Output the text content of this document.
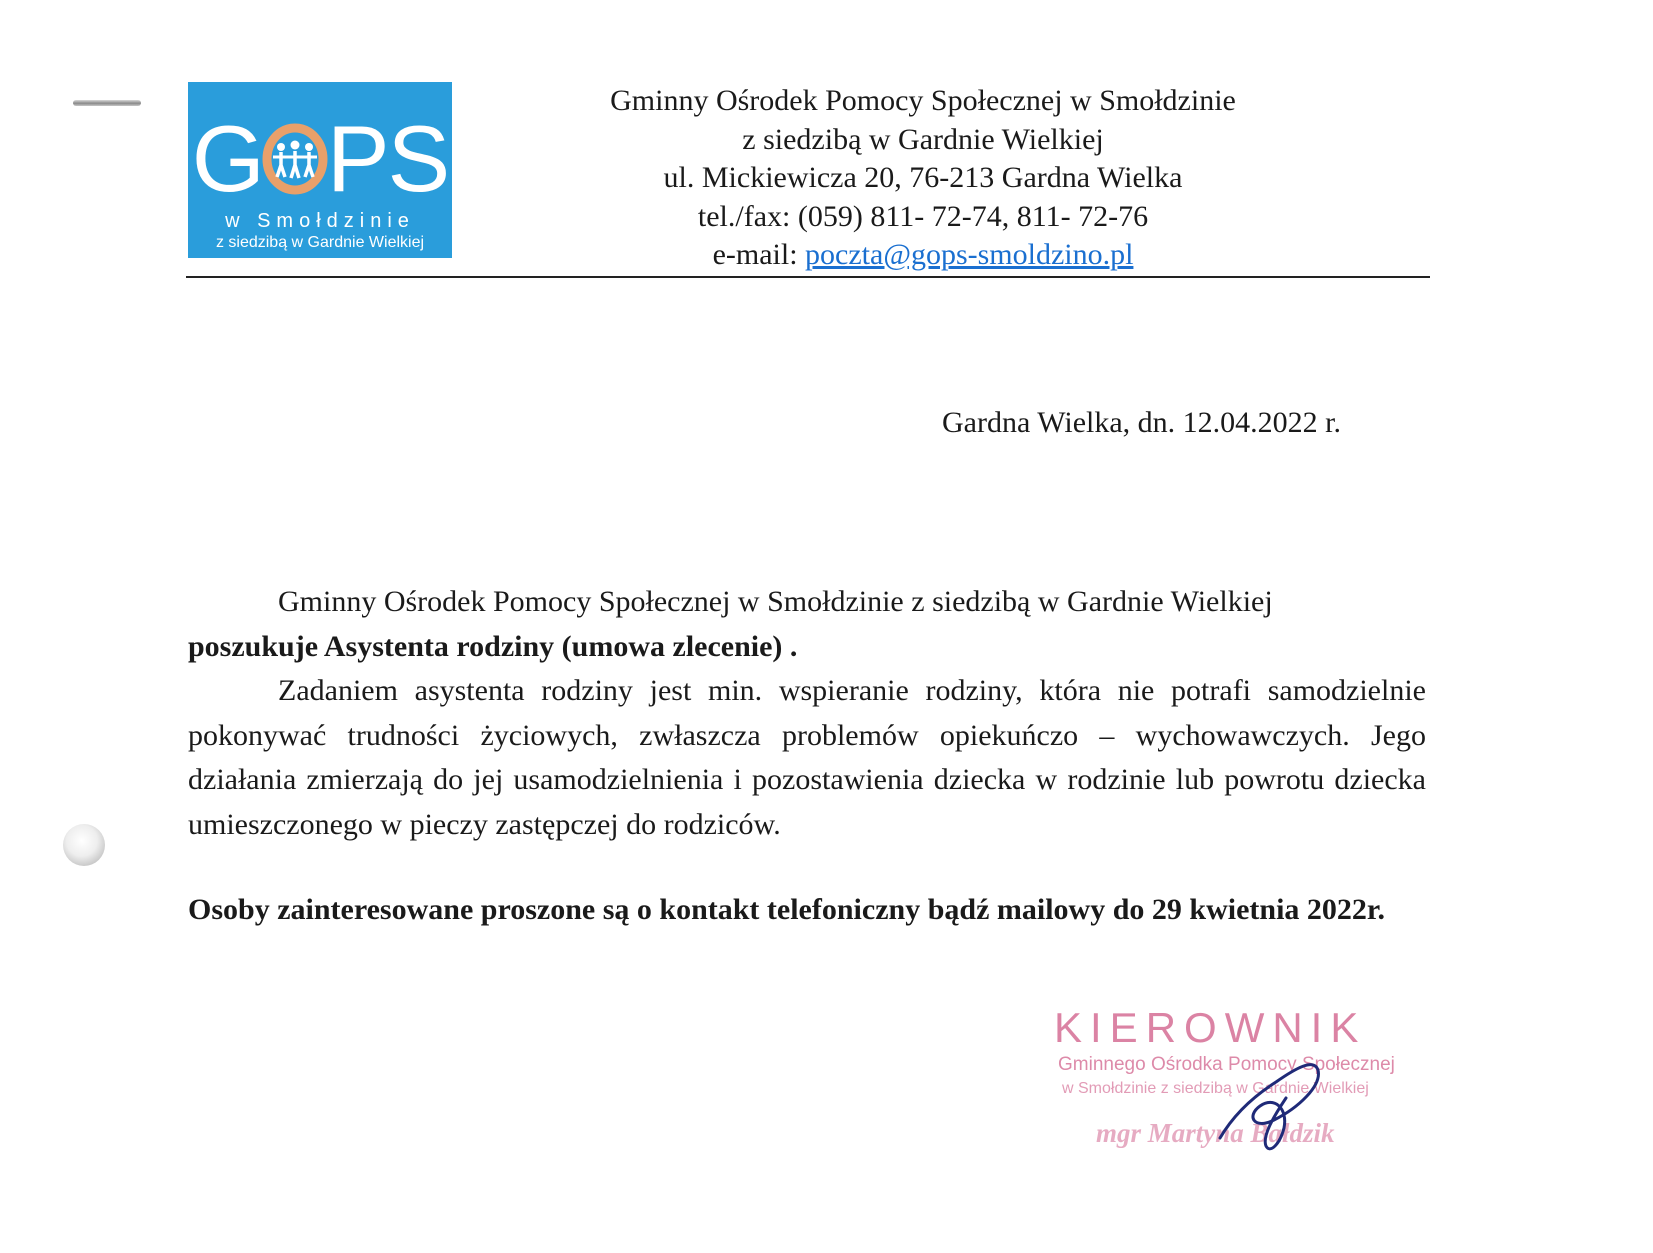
G PS
w Smołdzinie
z siedzibą w Gardnie Wielkiej
Gminny Ośrodek Pomocy Społecznej w Smołdzinie
z siedzibą w Gardnie Wielkiej
ul. Mickiewicza 20, 76-213 Gardna Wielka
tel./fax: (059) 811- 72-74, 811- 72-76
e-mail: poczta@gops-smoldzino.pl
Gardna Wielka, dn. 12.04.2022 r.

Gminny Ośrodek Pomocy Społecznej w Smołdzinie z siedzibą w Gardnie Wielkiej

poszukuje Asystenta rodziny (umowa zlecenie) .

Zadaniem asystenta rodziny jest min. wspieranie rodziny, która nie potrafi samodzielnie pokonywać trudności życiowych, zwłaszcza problemów opiekuńczo – wychowawczych. Jego działania zmierzają do jej usamodzielnienia i pozostawienia dziecka w rodzinie lub powrotu dziecka umieszczonego w pieczy zastępczej do rodziców.

Osoby zainteresowane proszone są o kontakt telefoniczny bądź mailowy do 29 kwietnia 2022r.
KIEROWNIK
Gminnego Ośrodka Pomocy Społecznej
w Smołdzinie z siedzibą w Gardnie Wielkiej
mgr Martyna Bałdzik
